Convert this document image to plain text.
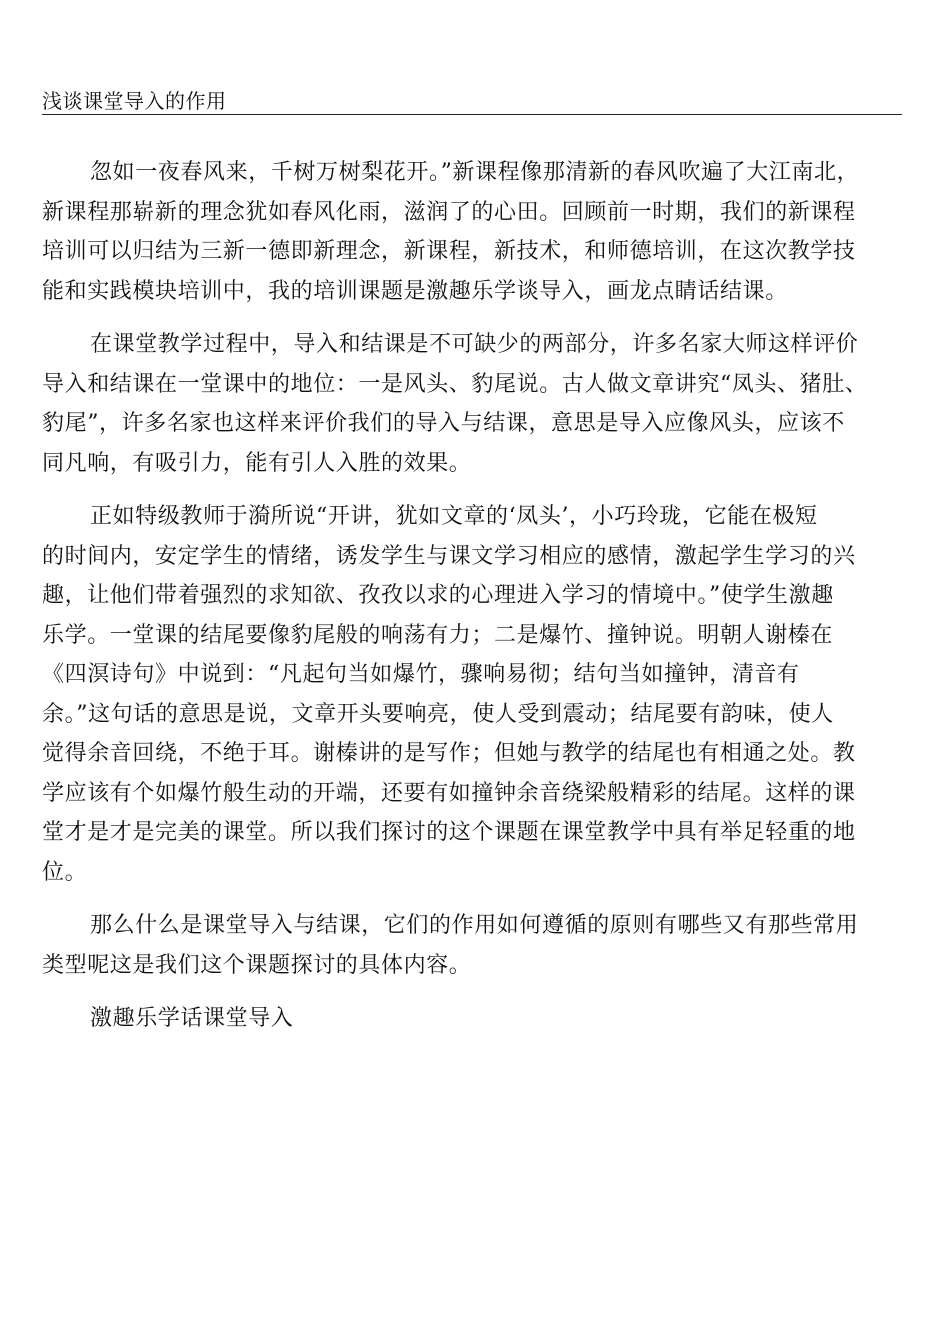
浅谈课堂导入的作用
忽如一夜春风来，千树万树梨花开。”新课程像那清新的春风吹遍了大江南北，
新课程那崭新的理念犹如春风化雨，滋润了的心田。回顾前一时期，我们的新课程
培训可以归结为三新一德即新理念，新课程，新技术，和师德培训，在这次教学技
能和实践模块培训中，我的培训课题是激趣乐学谈导入，画龙点睛话结课。
在课堂教学过程中，导入和结课是不可缺少的两部分，许多名家大师这样评价
导入和结课在一堂课中的地位：一是风头、豹尾说。古人做文章讲究“凤头、猪肚、
豹尾”，许多名家也这样来评价我们的导入与结课，意思是导入应像风头，应该不
同凡响，有吸引力，能有引人入胜的效果。
正如特级教师于漪所说“开讲，犹如文章的‘凤头’，小巧玲珑，它能在极短
的时间内，安定学生的情绪，诱发学生与课文学习相应的感情，激起学生学习的兴
趣，让他们带着强烈的求知欲、孜孜以求的心理进入学习的情境中。”使学生激趣
乐学。一堂课的结尾要像豹尾般的响荡有力；二是爆竹、撞钟说。明朝人谢榛在
《四溟诗句》中说到：“凡起句当如爆竹，骤响易彻；结句当如撞钟，清音有
余。”这句话的意思是说，文章开头要响亮，使人受到震动；结尾要有韵味，使人
觉得余音回绕，不绝于耳。谢榛讲的是写作；但她与教学的结尾也有相通之处。教
学应该有个如爆竹般生动的开端，还要有如撞钟余音绕梁般精彩的结尾。这样的课
堂才是才是完美的课堂。所以我们探讨的这个课题在课堂教学中具有举足轻重的地
位。
那么什么是课堂导入与结课，它们的作用如何遵循的原则有哪些又有那些常用
类型呢这是我们这个课题探讨的具体内容。
激趣乐学话课堂导入
